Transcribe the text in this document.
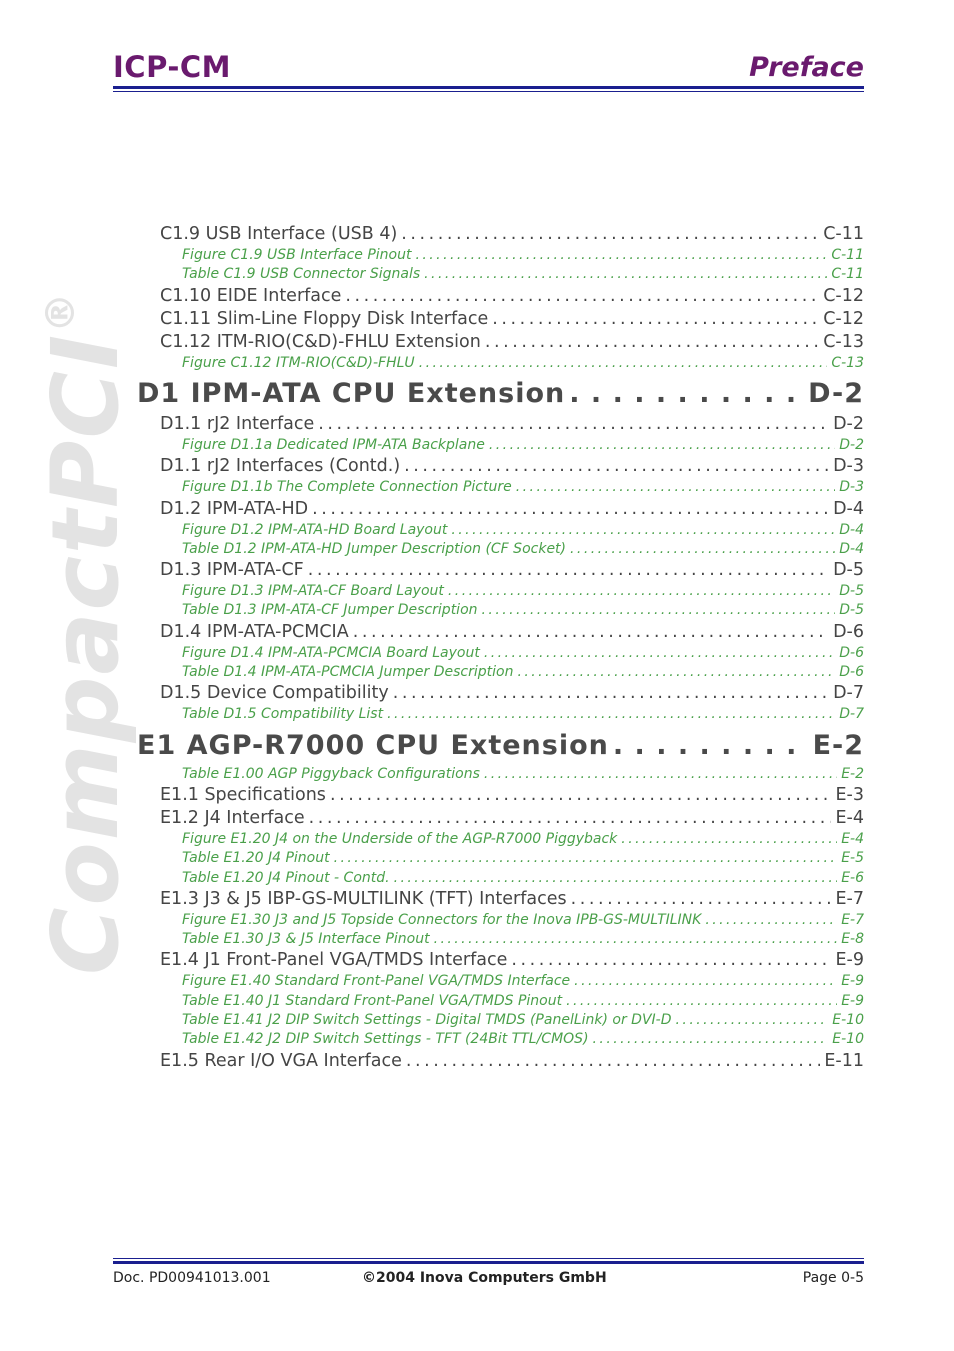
ICP-CM	Preface
CompactPCI®
C1.9 USB Interface (USB 4) . . .	C-11
Figure C1.9 USB Interface Pinout . . .	C-11
Table C1.9 USB Connector Signals . . .	C-11
C1.10 EIDE Interface . . .	C-12
C1.11 Slim-Line Floppy Disk Interface . . .	C-12
C1.12 ITM-RIO(C&D)-FHLU Extension . . .	C-13
Figure C1.12 ITM-RIO(C&D)-FHLU . . .	C-13
D1 IPM-ATA CPU Extension . . .	D-2
D1.1 rJ2 Interface . . .	D-2
Figure D1.1a Dedicated IPM-ATA Backplane . . .	D-2
D1.1 rJ2 Interfaces (Contd.) . . .	D-3
Figure D1.1b The Complete Connection Picture . . .	D-3
D1.2 IPM-ATA-HD . . .	D-4
Figure D1.2 IPM-ATA-HD Board Layout . . .	D-4
Table D1.2 IPM-ATA-HD Jumper Description (CF Socket) . . .	D-4
D1.3 IPM-ATA-CF . . .	D-5
Figure D1.3 IPM-ATA-CF Board Layout . . .	D-5
Table D1.3 IPM-ATA-CF Jumper Description . . .	D-5
D1.4 IPM-ATA-PCMCIA . . .	D-6
Figure D1.4 IPM-ATA-PCMCIA Board Layout . . .	D-6
Table D1.4 IPM-ATA-PCMCIA Jumper Description . . .	D-6
D1.5 Device Compatibility . . .	D-7
Table D1.5 Compatibility List . . .	D-7
E1 AGP-R7000 CPU Extension . . .	E-2
Table E1.00 AGP Piggyback Configurations . . .	E-2
E1.1 Specifications . . .	E-3
E1.2 J4 Interface . . .	E-4
Figure E1.20 J4 on the Underside of the AGP-R7000 Piggyback . . .	E-4
Table E1.20 J4 Pinout . . .	E-5
Table E1.20 J4 Pinout - Contd. . . .	E-6
E1.3 J3 & J5 IBP-GS-MULTILINK (TFT) Interfaces . . .	E-7
Figure E1.30 J3 and J5 Topside Connectors for the Inova IPB-GS-MULTILINK . . .	E-7
Table E1.30 J3 & J5 Interface Pinout . . .	E-8
E1.4 J1 Front-Panel VGA/TMDS Interface . . .	E-9
Figure E1.40 Standard Front-Panel VGA/TMDS Interface . . .	E-9
Table E1.40 J1 Standard Front-Panel VGA/TMDS Pinout . . .	E-9
Table E1.41 J2 DIP Switch Settings - Digital TMDS (PanelLink) or DVI-D . . .	E-10
Table E1.42 J2 DIP Switch Settings - TFT (24Bit TTL/CMOS) . . .	E-10
E1.5 Rear I/O VGA Interface . . .	E-11
Doc. PD00941013.001	©2004 Inova Computers GmbH	Page 0-5
